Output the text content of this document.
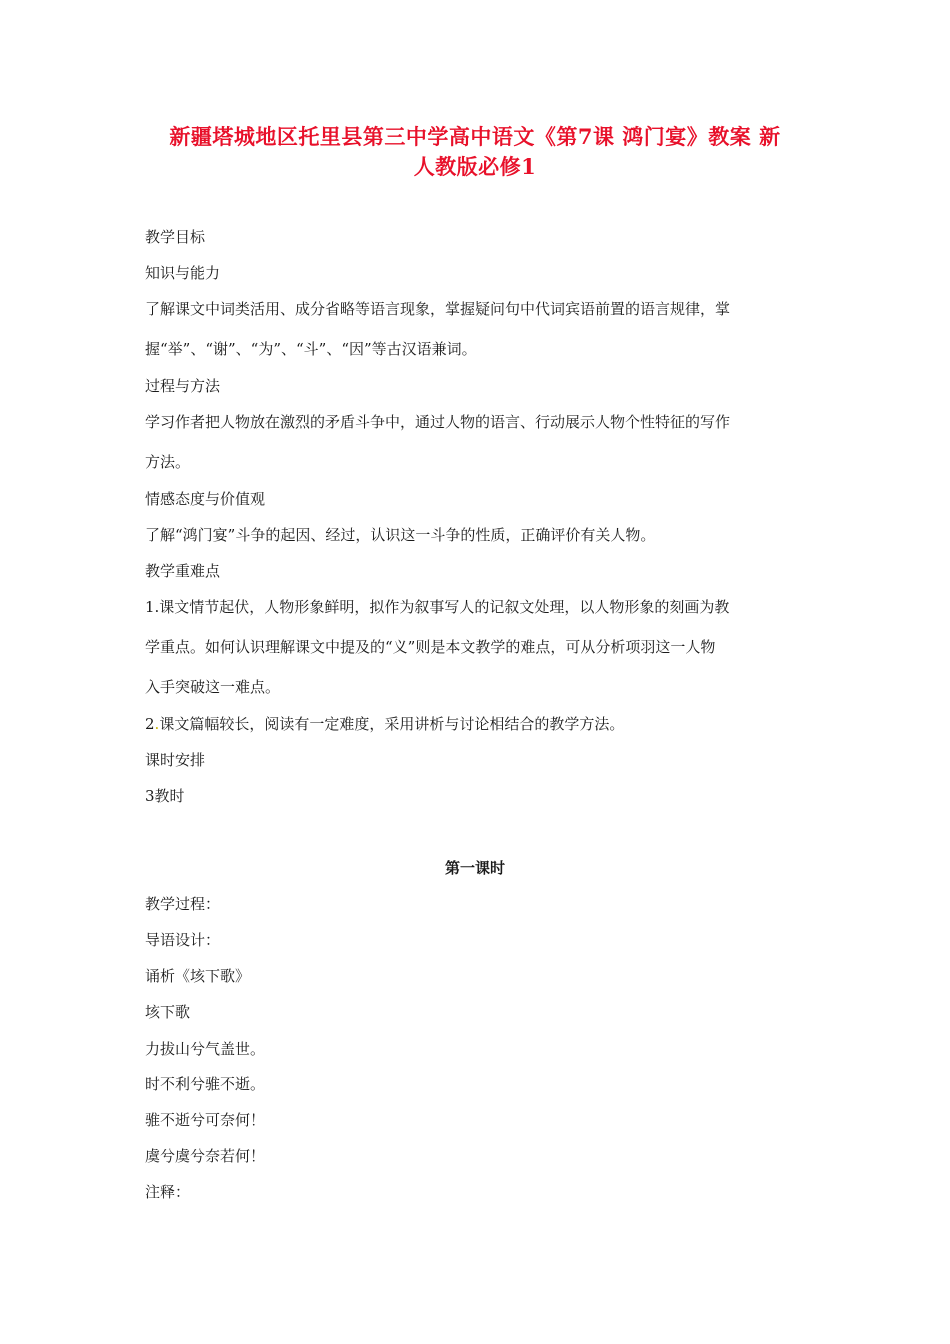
新疆塔城地区托里县第三中学高中语文《第7课 鸿门宴》教案 新
人教版必修1
教学目标
知识与能力
了解课文中词类活用、成分省略等语言现象，掌握疑问句中代词宾语前置的语言规律，掌
握“举”、“谢”、“为”、“斗”、“因”等古汉语兼词。
过程与方法
学习作者把人物放在激烈的矛盾斗争中，通过人物的语言、行动展示人物个性特征的写作
方法。
情感态度与价值观
了解“鸿门宴”斗争的起因、经过，认识这一斗争的性质，正确评价有关人物。
教学重难点
1.课文情节起伏，人物形象鲜明，拟作为叙事写人的记叙文处理，以人物形象的刻画为教
学重点。如何认识理解课文中提及的“义”则是本文教学的难点，可从分析项羽这一人物
入手突破这一难点。
2.课文篇幅较长，阅读有一定难度，采用讲析与讨论相结合的教学方法。
课时安排
3教时
第一课时
教学过程：
导语设计：
诵析《垓下歌》
垓下歌
力拔山兮气盖世。
时不利兮骓不逝。
骓不逝兮可奈何！
虞兮虞兮奈若何！
注释：
